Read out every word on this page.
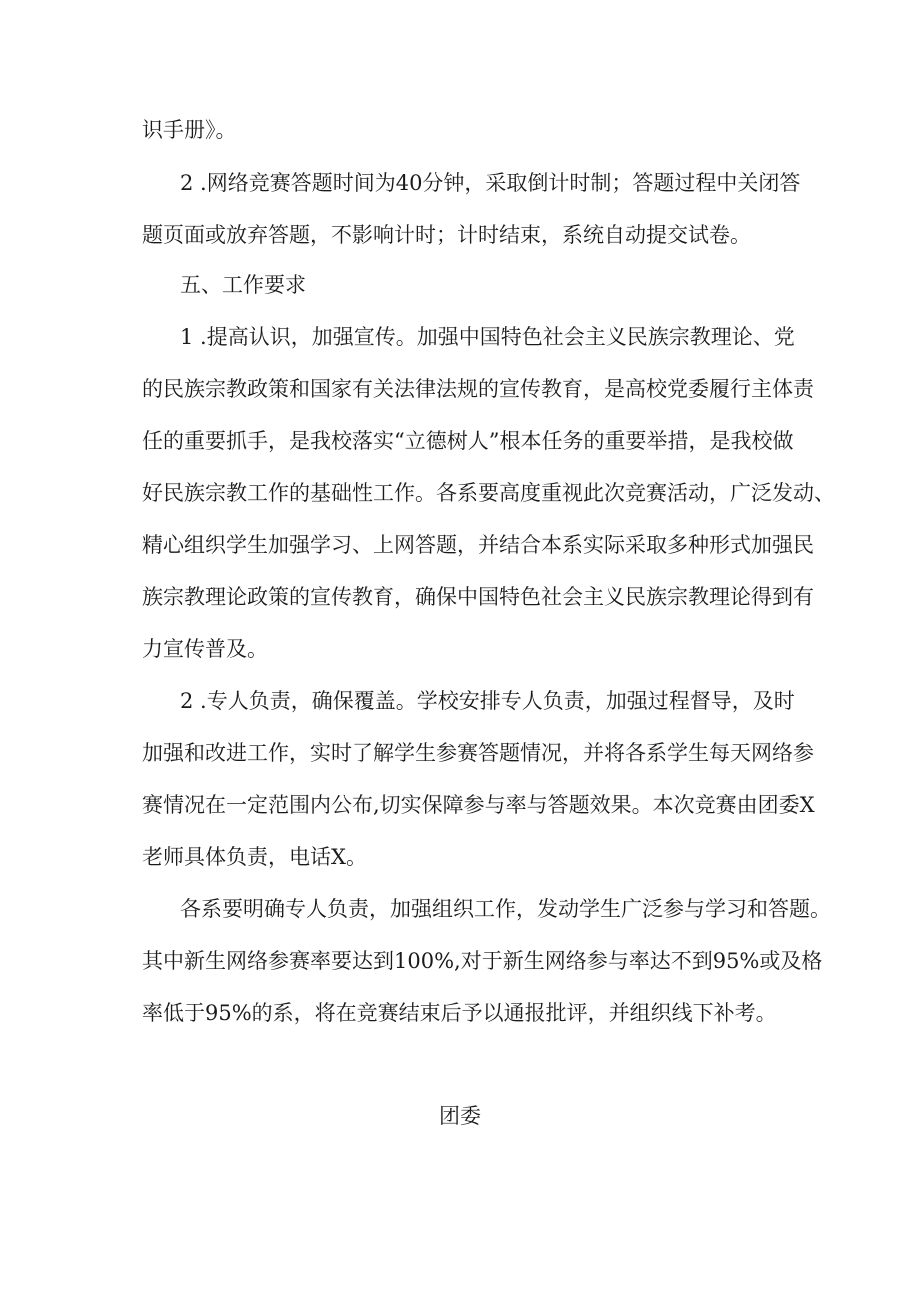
识手册》。
2 .网络竞赛答题时间为40分钟，采取倒计时制；答题过程中关闭答
题页面或放弃答题，不影响计时；计时结束，系统自动提交试卷。
五、工作要求
1 .提高认识，加强宣传。加强中国特色社会主义民族宗教理论、党
的民族宗教政策和国家有关法律法规的宣传教育，是高校党委履行主体责
任的重要抓手，是我校落实“立德树人”根本任务的重要举措，是我校做
好民族宗教工作的基础性工作。各系要高度重视此次竞赛活动，广泛发动、
精心组织学生加强学习、上网答题，并结合本系实际采取多种形式加强民
族宗教理论政策的宣传教育，确保中国特色社会主义民族宗教理论得到有
力宣传普及。
2 .专人负责，确保覆盖。学校安排专人负责，加强过程督导，及时
加强和改进工作，实时了解学生参赛答题情况，并将各系学生每天网络参
赛情况在一定范围内公布,切实保障参与率与答题效果。本次竞赛由团委X
老师具体负责，电话X。
各系要明确专人负责，加强组织工作，发动学生广泛参与学习和答题。
其中新生网络参赛率要达到100%,对于新生网络参与率达不到95%或及格
率低于95%的系，将在竞赛结束后予以通报批评，并组织线下补考。
团委
